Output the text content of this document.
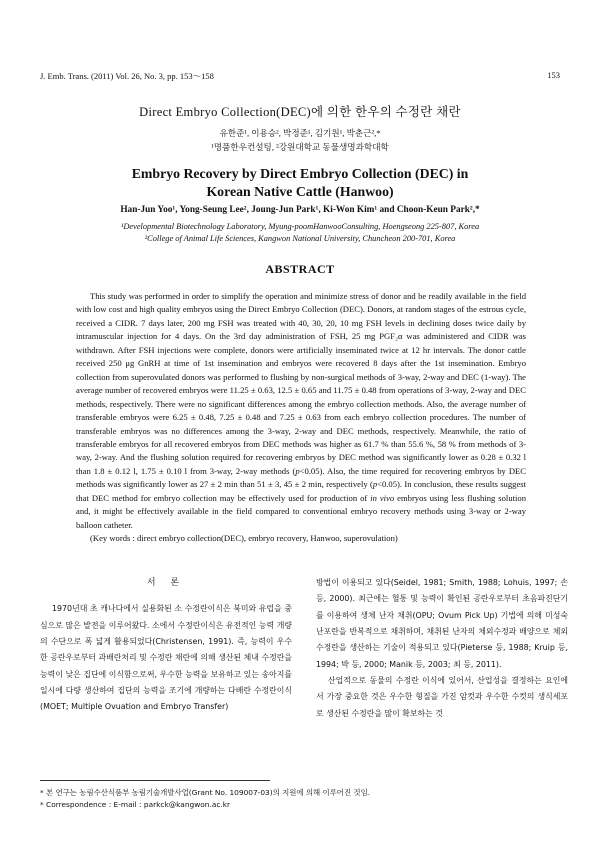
J. Emb. Trans. (2011) Vol. 26, No. 3, pp. 153～158	153
Direct Embryo Collection(DEC)에 의한 한우의 수정란 채란
유한준¹, 이용승², 박정준¹, 김기원¹, 박춘근²,*
¹명품한우컨설팅, ²강원대학교 동물생명과학대학
Embryo Recovery by Direct Embryo Collection (DEC) in
Korean Native Cattle (Hanwoo)
Han-Jun Yoo¹, Yong-Seung Lee², Joung-Jun Park¹, Ki-Won Kim¹ and Choon-Keun Park²,*
¹Developmental Biotechnology Laboratory, Myung-poomHanwooConsulting, Hoengseong 225-807, Korea
²College of Animal Life Sciences, Kangwon National University, Chuncheon 200-701, Korea
ABSTRACT

This study was performed in order to simplify the operation and minimize stress of donor and be readily available in the field with low cost and high quality embryos using the Direct Embryo Collection (DEC). Donors, at random stages of the estrous cycle, received a CIDR. 7 days later, 200 mg FSH was treated with 40, 30, 20, 10 mg FSH levels in declining doses twice daily by intramuscular injection for 4 days. On the 3rd day administration of FSH, 25 mg PGF₂α was administered and CIDR was withdrawn. After FSH injections were complete, donors were artificially inseminated twice at 12 hr intervals. The donor cattle received 250 μg GnRH at time of 1st insemination and embryos were recovered 8 days after the 1st insemination. Embryo collection from superovulated donors was performed to flushing by non-surgical methods of 3-way, 2-way and DEC (1-way). The average number of recovered embryos were 11.25 ± 0.63, 12.5 ± 0.65 and 11.75 ± 0.48 from operations of 3-way, 2-way and DEC methods, respectively. There were no significant differences among the embryo collection methods. Also, the average number of transferable embryos were 6.25 ± 0.48, 7.25 ± 0.48 and 7.25 ± 0.63 from each embryo collection procedures. The number of transferable embryos was no differences among the 3-way, 2-way and DEC methods, respectively. Meanwhile, the ratio of transferable embryos for all recovered embryos from DEC methods was higher as 61.7 % than 55.6 %, 58 % from methods of 3-way, 2-way. And the flushing solution required for recovering embryos by DEC method was significantly lower as 0.28 ± 0.32 l than 1.8 ± 0.12 l, 1.75 ± 0.10 l from 3-way, 2-way methods (p<0.05). Also, the time required for recovering embryos by DEC methods was significantly lower as 27 ± 2 min than 51 ± 3, 45 ± 2 min, respectively (p<0.05). In conclusion, these results suggest that DEC method for embryo collection may be effectively used for production of in vivo embryos using less flushing solution and, it might be effectively available in the field compared to conventional embryo recovery methods using 3-way or 2-way balloon catheter.

(Key words : direct embryo collection(DEC), embryo recovery, Hanwoo, superovulation)

서 론

1970년대 초 캐나다에서 실용화된 소 수정란이식은 북미와 유럽을 중심으로 많은 발전을 이루어왔다. 소에서 수정란이식은 유전적인 능력 개량의 수단으로 폭 넓게 활용되었다(Christensen, 1991). 즉, 능력이 우수한 공란우로부터 과배란처리 및 수정란 채란에 의해 생산된 체내 수정란을 능력이 낮은 집단에 이식함으로써, 우수한 능력을 보유하고 있는 송아지를 일시에 다량 생산하여 집단의 능력을 조기에 개량하는 다배란 수정란이식(MOET; Multiple Ovuation and Embryo Transfer)

방법이 이용되고 있다(Seidel, 1981; Smith, 1988; Lohuis, 1997; 손 등, 2000). 최근에는 혈통 및 능력이 확인된 공란우로부터 초음파진단기를 이용하여 생체 난자 채취(OPU; Ovum Pick Up) 기법에 의해 미성숙 난포란을 반복적으로 채취하며, 채취된 난자의 체외수정과 배양으로 체외수정란을 생산하는 기술이 적용되고 있다(Pieterse 등, 1988; Kruip 등, 1994; 박 등, 2000; Manik 등, 2003; 최 등, 2011).

산업적으로 동물의 수정란 이식에 있어서, 산업성을 결정하는 요인에서 가장 중요한 것은 우수한 형질을 가진 암컷과 우수한 수컷의 생식세포로 생산된 수정란을 많이 확보하는 것

* 본 연구는 농림수산식품부 농림기술개발사업(Grant No. 109007-03)의 지원에 의해 이루어진 것임.
* Correspondence : E-mail : parkck@kangwon.ac.kr
